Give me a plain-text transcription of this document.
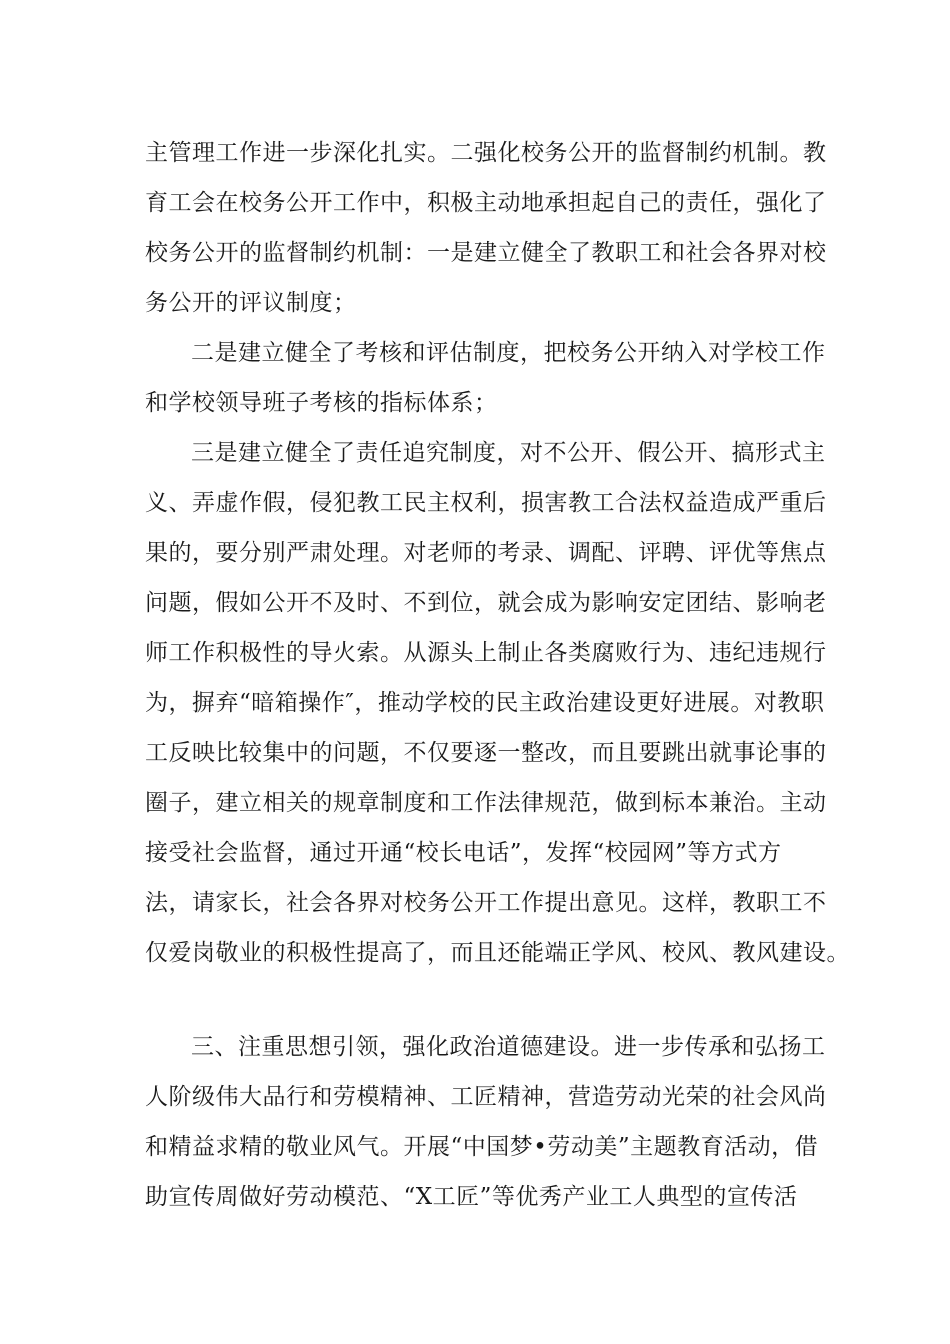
主管理工作进一步深化扎实。二强化校务公开的监督制约机制。教
育工会在校务公开工作中，积极主动地承担起自己的责任，强化了
校务公开的监督制约机制：一是建立健全了教职工和社会各界对校
务公开的评议制度；

二是建立健全了考核和评估制度，把校务公开纳入对学校工作
和学校领导班子考核的指标体系；

三是建立健全了责任追究制度，对不公开、假公开、搞形式主
义、弄虚作假，侵犯教工民主权利，损害教工合法权益造成严重后
果的，要分别严肃处理。对老师的考录、调配、评聘、评优等焦点
问题，假如公开不及时、不到位，就会成为影响安定团结、影响老
师工作积极性的导火索。从源头上制止各类腐败行为、违纪违规行
为，摒弃“暗箱操作″，推动学校的民主政治建设更好进展。对教职
工反映比较集中的问题，不仅要逐一整改，而且要跳出就事论事的
圈子，建立相关的规章制度和工作法律规范，做到标本兼治。主动
接受社会监督，通过开通“校长电话”，发挥“校园网”等方式方
法，请家长，社会各界对校务公开工作提出意见。这样，教职工不
仅爱岗敬业的积极性提高了，而且还能端正学风、校风、教风建设。

三、注重思想引领，强化政治道德建设。进一步传承和弘扬工
人阶级伟大品行和劳模精神、工匠精神，营造劳动光荣的社会风尚
和精益求精的敬业风气。开展“中国梦•劳动美”主题教育活动，借
助宣传周做好劳动模范、“X工匠”等优秀产业工人典型的宣传活
